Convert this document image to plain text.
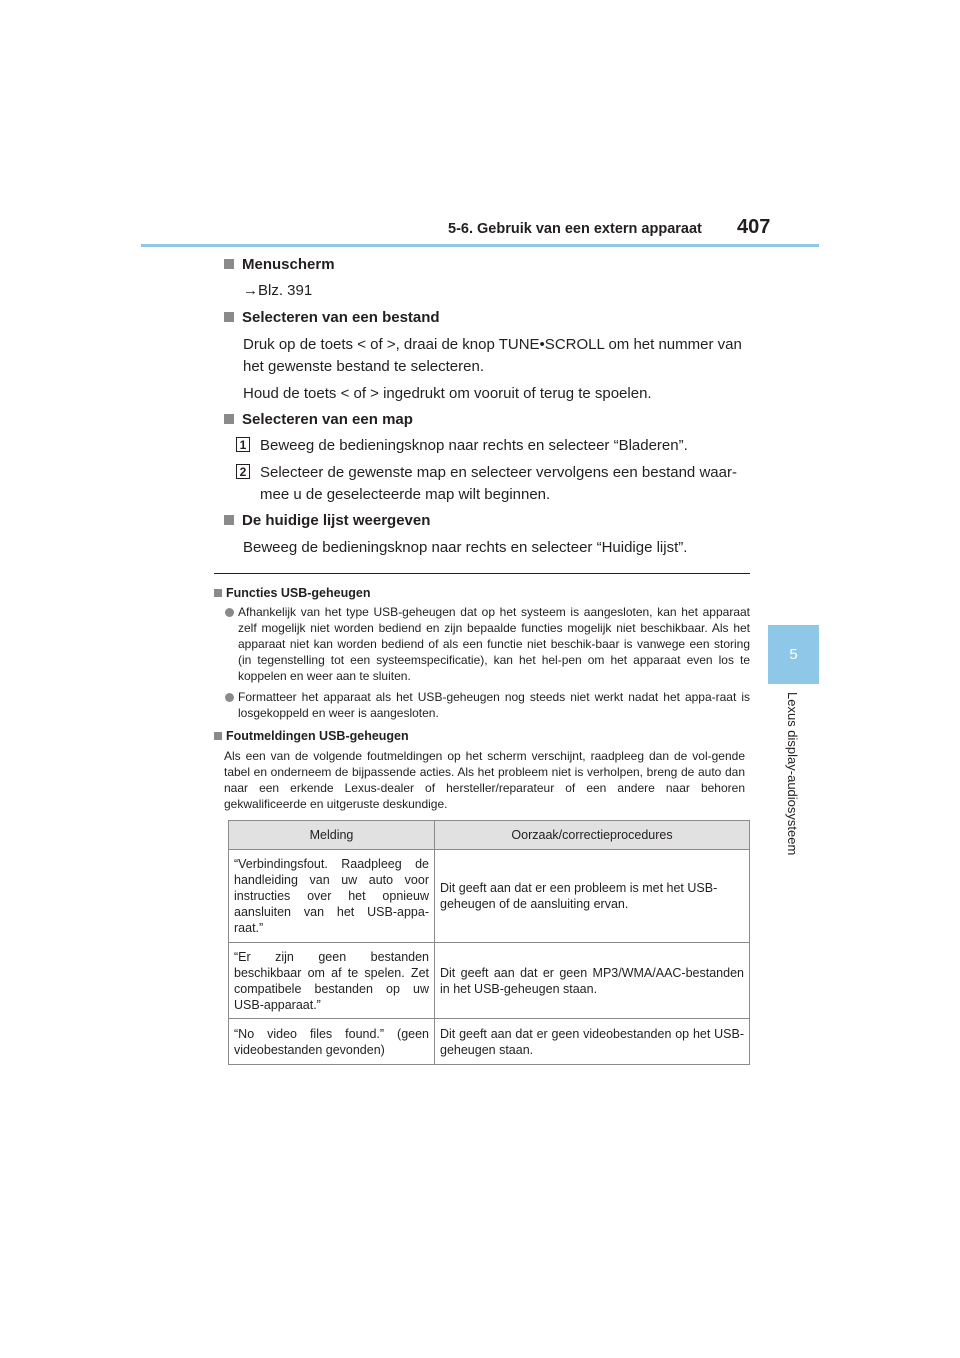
5-6. Gebruik van een extern apparaat 407
5
Lexus display-audiosysteem
Menuscherm
→Blz. 391
Selecteren van een bestand
Druk op de toets < of >, draai de knop TUNE•SCROLL om het nummer van
het gewenste bestand te selecteren.
Houd de toets < of > ingedrukt om vooruit of terug te spoelen.
Selecteren van een map
1 Beweeg de bedieningsknop naar rechts en selecteer “Bladeren”.
2 Selecteer de gewenste map en selecteer vervolgens een bestand waar-
mee u de geselecteerde map wilt beginnen.
De huidige lijst weergeven
Beweeg de bedieningsknop naar rechts en selecteer “Huidige lijst”.
Functies USB-geheugen
Afhankelijk van het type USB-geheugen dat op het systeem is aangesloten, kan het apparaat zelf mogelijk niet worden bediend en zijn bepaalde functies mogelijk niet beschikbaar. Als het apparaat niet kan worden bediend of als een functie niet beschik-baar is vanwege een storing (in tegenstelling tot een systeemspecificatie), kan het hel-pen om het apparaat even los te koppelen en weer aan te sluiten.
Formatteer het apparaat als het USB-geheugen nog steeds niet werkt nadat het appa-raat is losgekoppeld en weer is aangesloten.
Foutmeldingen USB-geheugen
Als een van de volgende foutmeldingen op het scherm verschijnt, raadpleeg dan de vol-gende tabel en onderneem de bijpassende acties. Als het probleem niet is verholpen, breng de auto dan naar een erkende Lexus-dealer of hersteller/reparateur of een andere naar behoren gekwalificeerde en uitgeruste deskundige.
Melding	Oorzaak/correctieprocedures
“Verbindingsfout. Raadpleeg de handleiding van uw auto voor instructies over het opnieuw aansluiten van het USB-appa-raat.”	Dit geeft aan dat er een probleem is met het USB-geheugen of de aansluiting ervan.
“Er zijn geen bestanden beschikbaar om af te spelen. Zet compatibele bestanden op uw USB-apparaat.”	Dit geeft aan dat er geen MP3/WMA/AAC-bestanden in het USB-geheugen staan.
“No video files found.” (geen videobestanden gevonden)	Dit geeft aan dat er geen videobestanden op het USB-geheugen staan.
